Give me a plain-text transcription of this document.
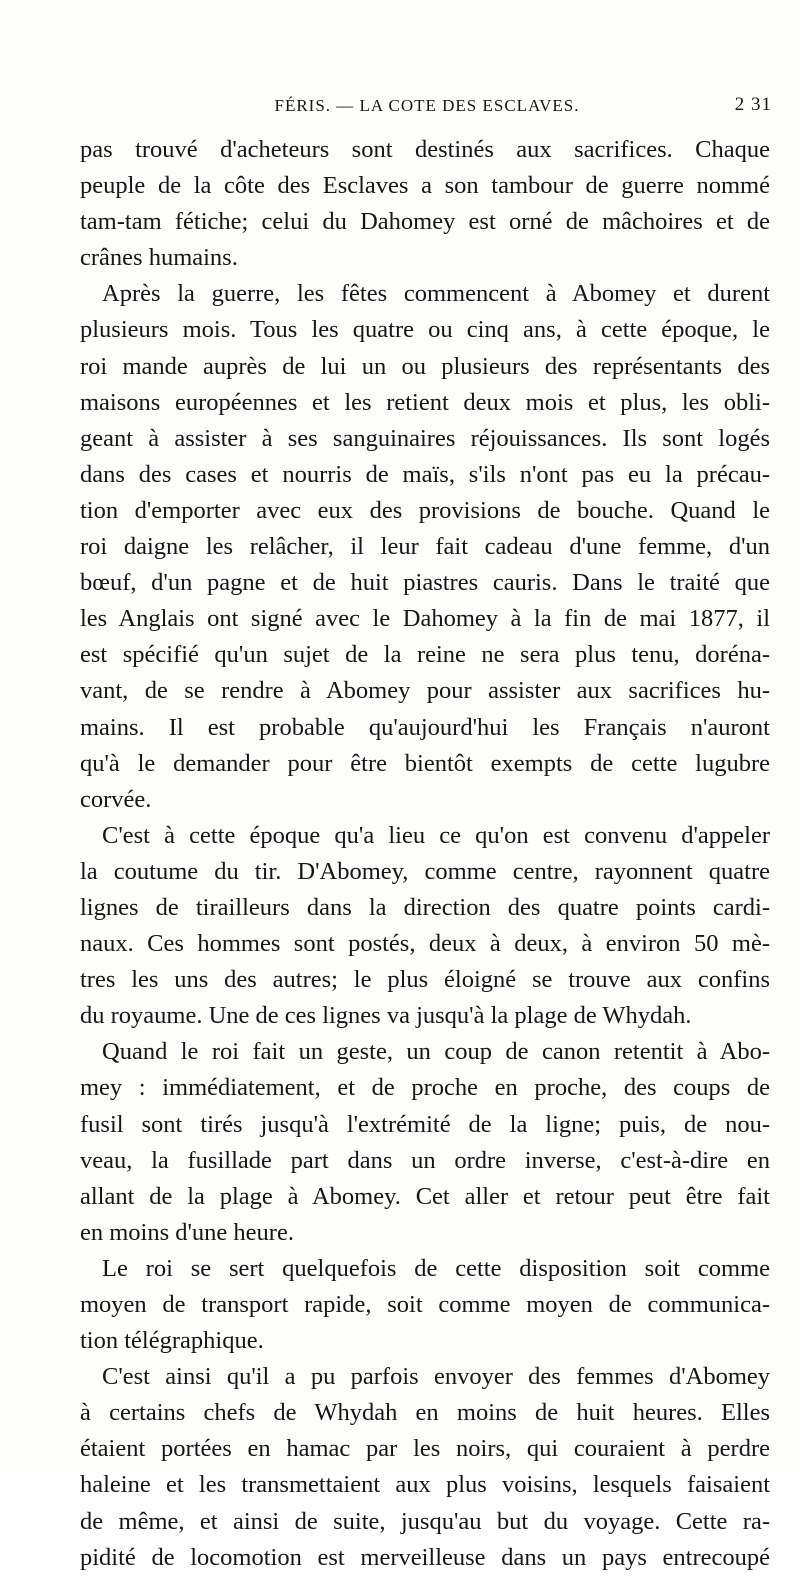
FÉRIS. — LA COTE DES ESCLAVES.	2 31
pas trouvé d'acheteurs sont destinés aux sacrifices. Chaque
peuple de la côte des Esclaves a son tambour de guerre nommé
tam-tam fétiche; celui du Dahomey est orné de mâchoires et de
crânes humains.
Après la guerre, les fêtes commencent à Abomey et durent
plusieurs mois. Tous les quatre ou cinq ans, à cette époque, le
roi mande auprès de lui un ou plusieurs des représentants des
maisons européennes et les retient deux mois et plus, les obli-
geant à assister à ses sanguinaires réjouissances. Ils sont logés
dans des cases et nourris de maïs, s'ils n'ont pas eu la précau-
tion d'emporter avec eux des provisions de bouche. Quand le
roi daigne les relâcher, il leur fait cadeau d'une femme, d'un
bœuf, d'un pagne et de huit piastres cauris. Dans le traité que
les Anglais ont signé avec le Dahomey à la fin de mai 1877, il
est spécifié qu'un sujet de la reine ne sera plus tenu, doréna-
vant, de se rendre à Abomey pour assister aux sacrifices hu-
mains. Il est probable qu'aujourd'hui les Français n'auront
qu'à le demander pour être bientôt exempts de cette lugubre
corvée.
C'est à cette époque qu'a lieu ce qu'on est convenu d'appeler
la coutume du tir. D'Abomey, comme centre, rayonnent quatre
lignes de tirailleurs dans la direction des quatre points cardi-
naux. Ces hommes sont postés, deux à deux, à environ 50 mè-
tres les uns des autres; le plus éloigné se trouve aux confins
du royaume. Une de ces lignes va jusqu'à la plage de Whydah.
Quand le roi fait un geste, un coup de canon retentit à Abo-
mey : immédiatement, et de proche en proche, des coups de
fusil sont tirés jusqu'à l'extrémité de la ligne; puis, de nou-
veau, la fusillade part dans un ordre inverse, c'est-à-dire en
allant de la plage à Abomey. Cet aller et retour peut être fait
en moins d'une heure.
Le roi se sert quelquefois de cette disposition soit comme
moyen de transport rapide, soit comme moyen de communica-
tion télégraphique.
C'est ainsi qu'il a pu parfois envoyer des femmes d'Abomey
à certains chefs de Whydah en moins de huit heures. Elles
étaient portées en hamac par les noirs, qui couraient à perdre
haleine et les transmettaient aux plus voisins, lesquels faisaient
de même, et ainsi de suite, jusqu'au but du voyage. Cette ra-
pidité de locomotion est merveilleuse dans un pays entrecoupé
